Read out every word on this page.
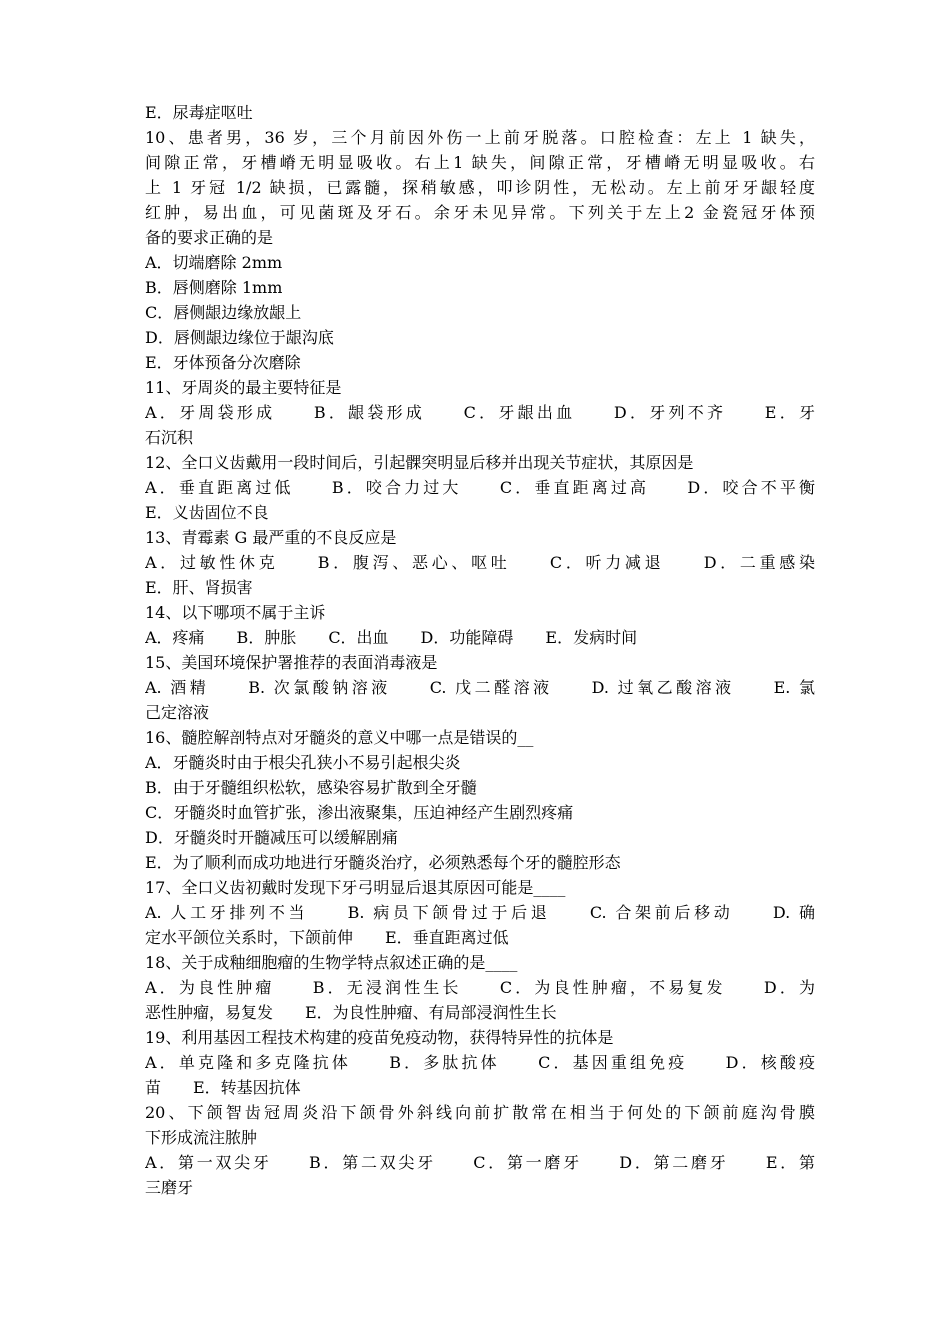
E．尿毒症呕吐
10、患者男，36 岁，三个月前因外伤一上前牙脱落。口腔检查：左上 1 缺失，
间隙正常，牙槽嵴无明显吸收。右上1 缺失，间隙正常，牙槽嵴无明显吸收。右
上 1 牙冠 1/2 缺损，已露髓，探稍敏感，叩诊阴性，无松动。左上前牙牙龈轻度
红肿，易出血，可见菌斑及牙石。余牙未见异常。下列关于左上2 金瓷冠牙体预
备的要求正确的是
A．切端磨除 2mm
B．唇侧磨除 1mm
C．唇侧龈边缘放龈上
D．唇侧龈边缘位于龈沟底
E．牙体预备分次磨除
11、牙周炎的最主要特征是
A．牙周袋形成　　B．龈袋形成　　C．牙龈出血　　D．牙列不齐　　E．牙
石沉积
12、全口义齿戴用一段时间后，引起髁突明显后移并出现关节症状，其原因是
A．垂直距离过低　　B．咬合力过大　　C．垂直距离过高　　D．咬合不平衡
E．义齿固位不良
13、青霉素 G 最严重的不良反应是
A．过敏性休克　　B．腹泻、恶心、呕吐　　C．听力减退　　D．二重感染
E．肝、肾损害
14、以下哪项不属于主诉
A．疼痛　　B．肿胀　　C．出血　　D．功能障碍　　E．发病时间
15、美国环境保护署推荐的表面消毒液是
A. 酒精　　B. 次氯酸钠溶液　　C. 戊二醛溶液　　D. 过氧乙酸溶液　　E. 氯
己定溶液
16、髓腔解剖特点对牙髓炎的意义中哪一点是错误的__
A．牙髓炎时由于根尖孔狭小不易引起根尖炎
B．由于牙髓组织松软，感染容易扩散到全牙髓
C．牙髓炎时血管扩张，渗出液聚集，压迫神经产生剧烈疼痛
D．牙髓炎时开髓减压可以缓解剧痛
E．为了顺利而成功地进行牙髓炎治疗，必须熟悉每个牙的髓腔形态
17、全口义齿初戴时发现下牙弓明显后退其原因可能是____
A. 人工牙排列不当　　B. 病员下颌骨过于后退　　C. 合架前后移动　　D. 确
定水平颌位关系时，下颌前伸　　E．垂直距离过低
18、关于成釉细胞瘤的生物学特点叙述正确的是____
A．为良性肿瘤　　B．无浸润性生长　　C．为良性肿瘤，不易复发　　D．为
恶性肿瘤，易复发　　E．为良性肿瘤、有局部浸润性生长
19、利用基因工程技术构建的疫苗免疫动物，获得特异性的抗体是
A．单克隆和多克隆抗体　　B．多肽抗体　　C．基因重组免疫　　D．核酸疫
苗　　E．转基因抗体
20、下颌智齿冠周炎沿下颌骨外斜线向前扩散常在相当于何处的下颌前庭沟骨膜
下形成流注脓肿
A．第一双尖牙　　B．第二双尖牙　　C．第一磨牙　　D．第二磨牙　　E．第
三磨牙
